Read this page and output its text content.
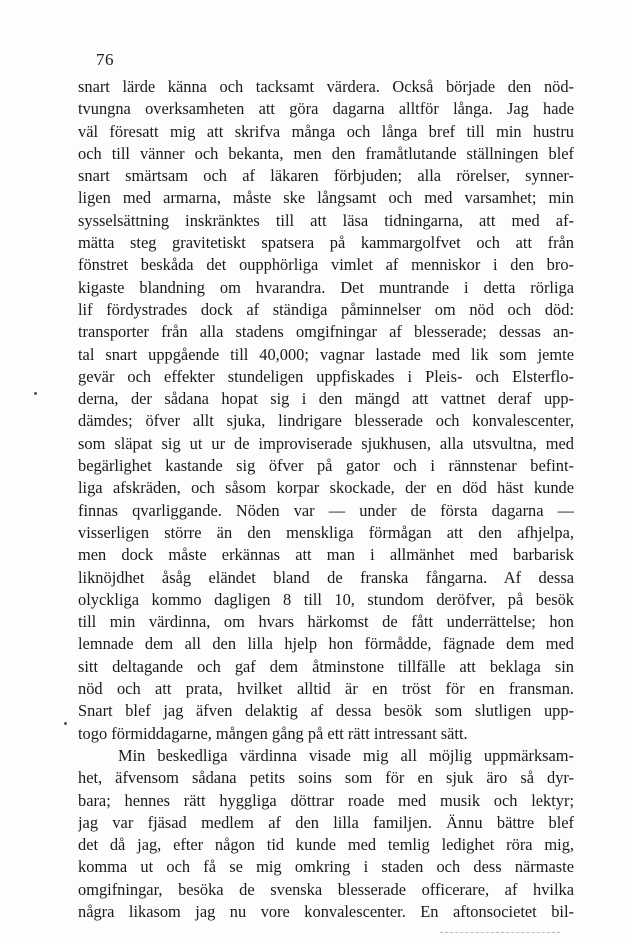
76
snart lärde känna och tacksamt värdera. Också började den nöd-
tvungna overksamheten att göra dagarna alltför långa. Jag hade
väl föresatt mig att skrifva många och långa bref till min hustru
och till vänner och bekanta, men den framåtlutande ställningen blef
snart smärtsam och af läkaren förbjuden; alla rörelser, synner-
ligen med armarna, måste ske långsamt och med varsamhet; min
sysselsättning inskränktes till att läsa tidningarna, att med af-
mätta steg gravitetiskt spatsera på kammargolfvet och att från
fönstret beskåda det oupphörliga vimlet af menniskor i den bro-
kigaste blandning om hvarandra. Det muntrande i detta rörliga
lif fördystrades dock af ständiga påminnelser om nöd och död:
transporter från alla stadens omgifningar af blesserade; dessas an-
tal snart uppgående till 40,000; vagnar lastade med lik som jemte
gevär och effekter stundeligen uppfiskades i Pleis- och Elsterflo-
derna, der sådana hopat sig i den mängd att vattnet deraf upp-
dämdes; öfver allt sjuka, lindrigare blesserade och konvalescenter,
som släpat sig ut ur de improviserade sjukhusen, alla utsvultna, med
begärlighet kastande sig öfver på gator och i rännstenar befint-
liga afskräden, och såsom korpar skockade, der en död häst kunde
finnas qvarliggande. Nöden var — under de första dagarna —
visserligen större än den menskliga förmågan att den afhjelpa,
men dock måste erkännas att man i allmänhet med barbarisk
liknöjdhet åsåg eländet bland de franska fångarna. Af dessa
olyckliga kommo dagligen 8 till 10, stundom deröfver, på besök
till min värdinna, om hvars härkomst de fått underrättelse; hon
lemnade dem all den lilla hjelp hon förmådde, fägnade dem med
sitt deltagande och gaf dem åtminstone tillfälle att beklaga sin
nöd och att prata, hvilket alltid är en tröst för en fransman.
Snart blef jag äfven delaktig af dessa besök som slutligen upp-
togo förmiddagarne, mången gång på ett rätt intressant sätt.
Min beskedliga värdinna visade mig all möjlig uppmärksam-
het, äfvensom sådana petits soins som för en sjuk äro så dyr-
bara; hennes rätt hyggliga döttrar roade med musik och lektyr;
jag var fjäsad medlem af den lilla familjen. Ännu bättre blef
det då jag, efter någon tid kunde med temlig ledighet röra mig,
komma ut och få se mig omkring i staden och dess närmaste
omgifningar, besöka de svenska blesserade officerare, af hvilka
några likasom jag nu vore konvalescenter. En aftonsocietet bil-
